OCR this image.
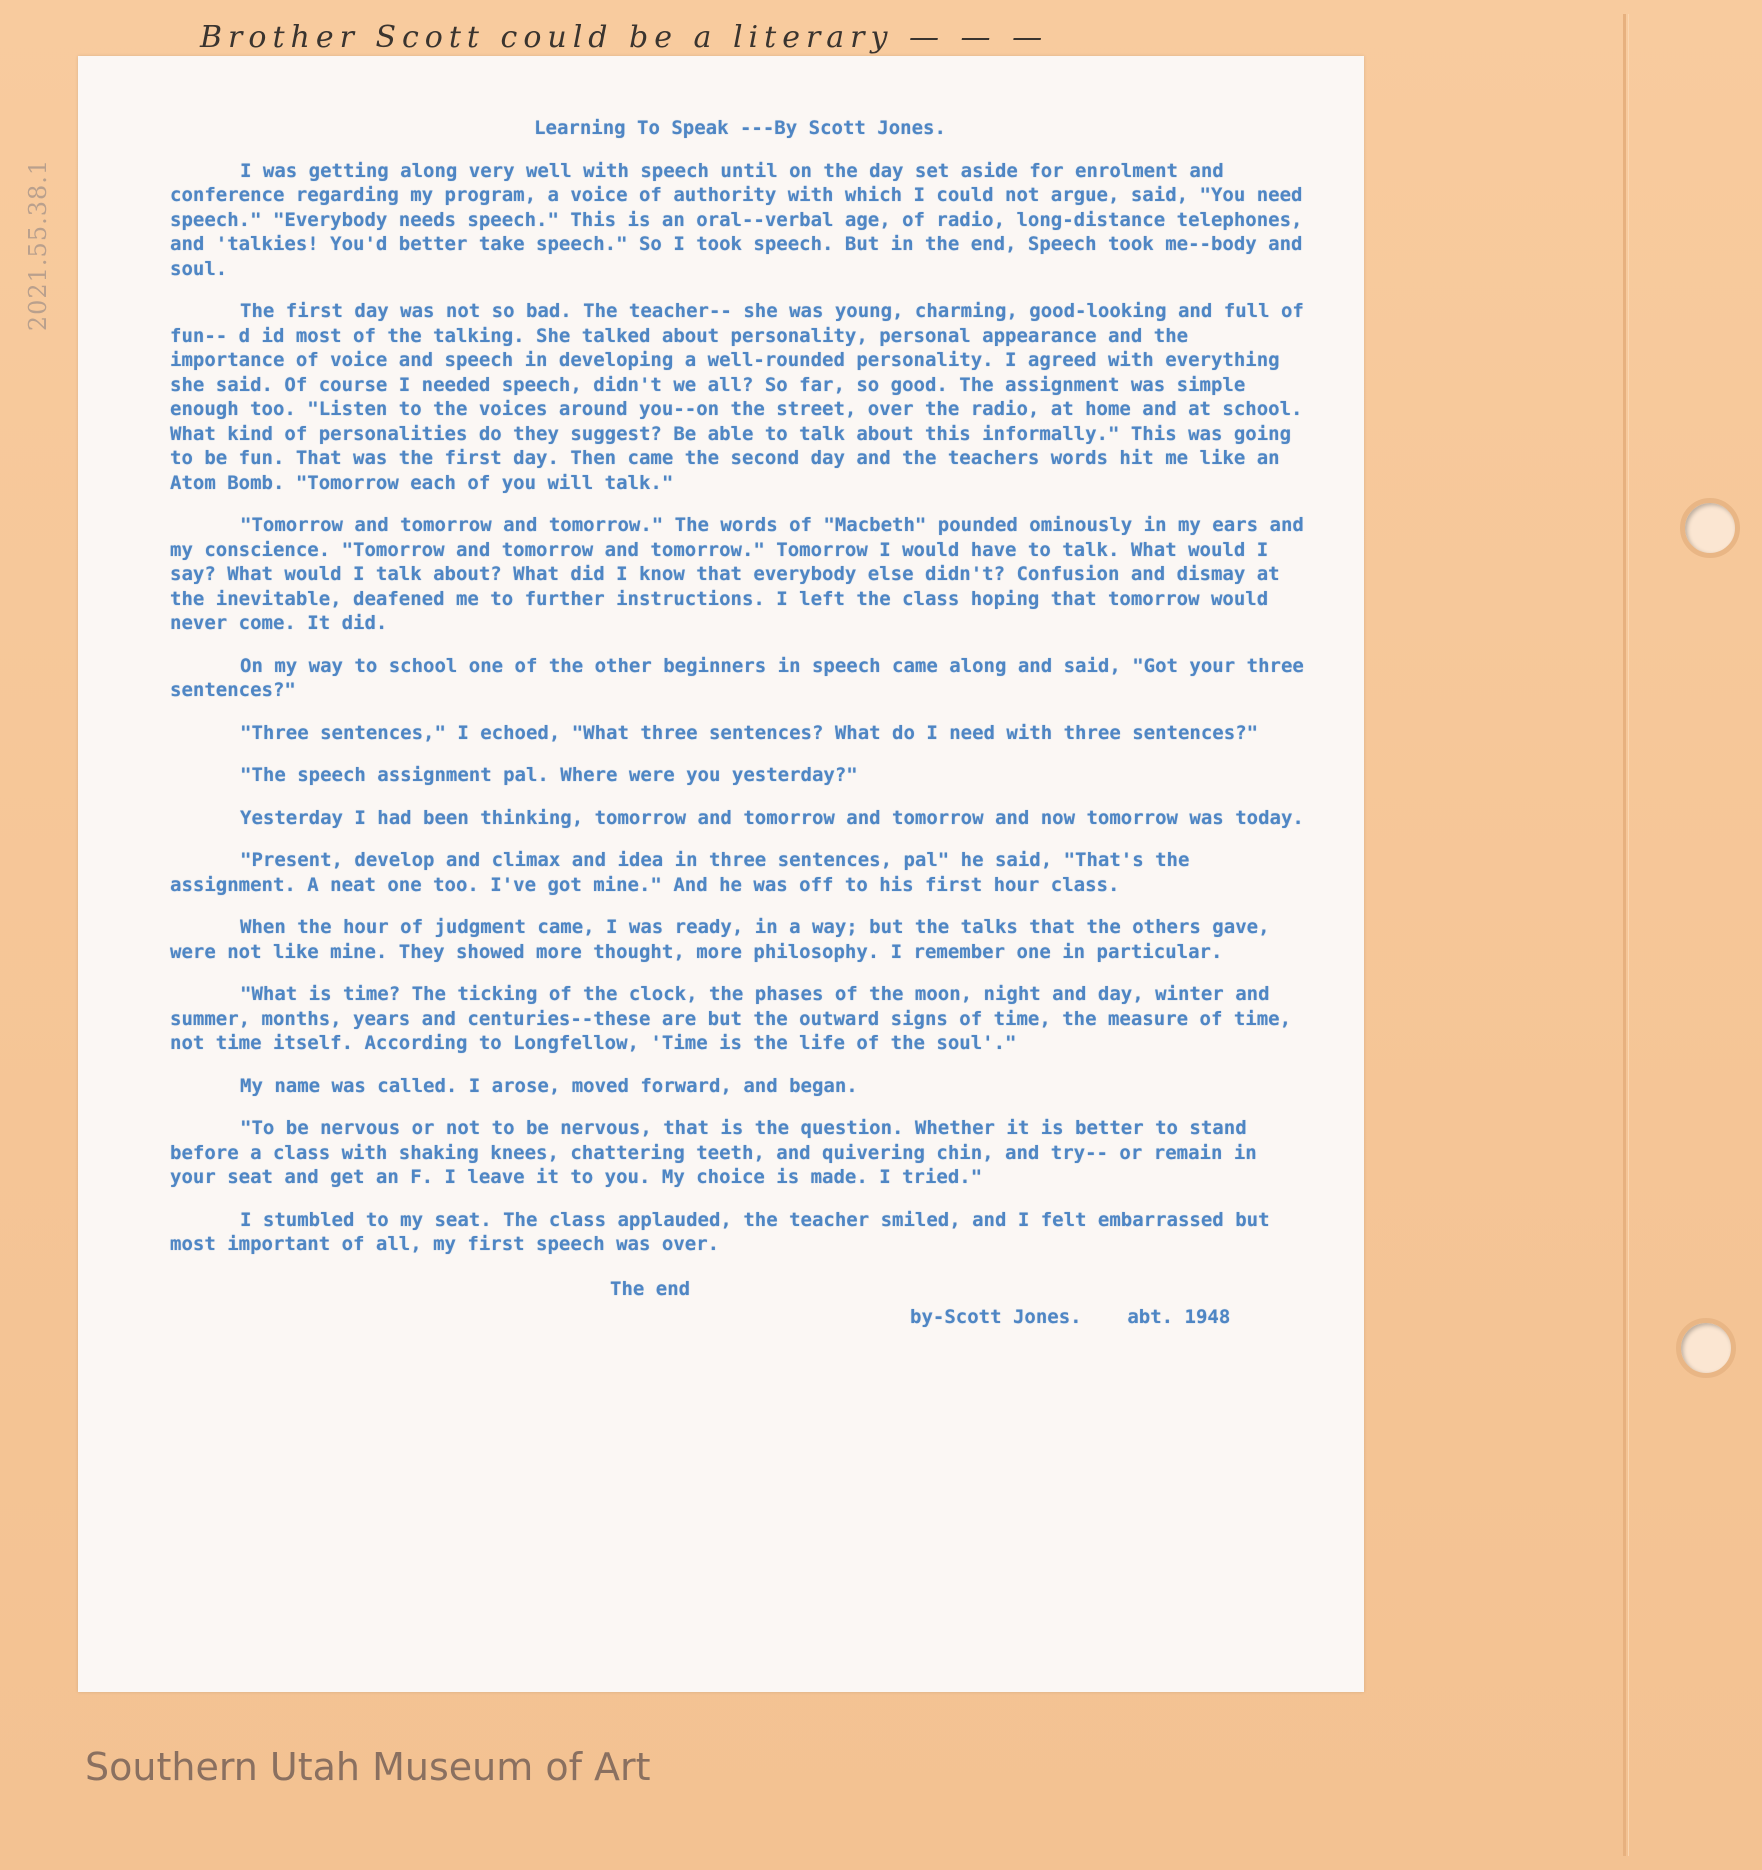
2021.55.38.1
Brother Scott could be a literary — — —

Learning To Speak ---By Scott Jones.

I was getting along very well with speech until on the day set aside for enrolment and conference regarding my program, a voice of authority with which I could not argue, said, "You need speech." "Everybody needs speech." This is an oral--verbal age, of radio, long-distance telephones, and 'talkies! You'd better take speech." So I took speech. But in the end, Speech took me--body and soul.

The first day was not so bad. The teacher-- she was young, charming, good-looking and full of fun-- d id most of the talking. She talked about personality, personal appearance and the importance of voice and speech in developing a well-rounded personality. I agreed with everything she said. Of course I needed speech, didn't we all? So far, so good. The assignment was simple enough too. "Listen to the voices around you--on the street, over the radio, at home and at school. What kind of personalities do they suggest? Be able to talk about this informally." This was going to be fun. That was the first day. Then came the second day and the teachers words hit me like an Atom Bomb. "Tomorrow each of you will talk."

"Tomorrow and tomorrow and tomorrow." The words of "Macbeth" pounded ominously in my ears and my conscience. "Tomorrow and tomorrow and tomorrow." Tomorrow I would have to talk. What would I say? What would I talk about? What did I know that everybody else didn't? Confusion and dismay at the inevitable, deafened me to further instructions. I left the class hoping that tomorrow would never come. It did.

On my way to school one of the other beginners in speech came along and said, "Got your three sentences?"

"Three sentences," I echoed, "What three sentences? What do I need with three sentences?"

"The speech assignment pal. Where were you yesterday?"

Yesterday I had been thinking, tomorrow and tomorrow and tomorrow and now tomorrow was today.

"Present, develop and climax and idea in three sentences, pal" he said, "That's the assignment. A neat one too. I've got mine." And he was off to his first hour class.

When the hour of judgment came, I was ready, in a way; but the talks that the others gave, were not like mine. They showed more thought, more philosophy. I remember one in particular.

"What is time? The ticking of the clock, the phases of the moon, night and day, winter and summer, months, years and centuries--these are but the outward signs of time, the measure of time, not time itself. According to Longfellow, 'Time is the life of the soul'."

My name was called. I arose, moved forward, and began.

"To be nervous or not to be nervous, that is the question. Whether it is better to stand before a class with shaking knees, chattering teeth, and quivering chin, and try-- or remain in your seat and get an F. I leave it to you. My choice is made. I tried."

I stumbled to my seat. The class applauded, the teacher smiled, and I felt embarrassed but most important of all, my first speech was over.

The end

by-Scott Jones.    abt. 1948

Southern Utah Museum of Art
